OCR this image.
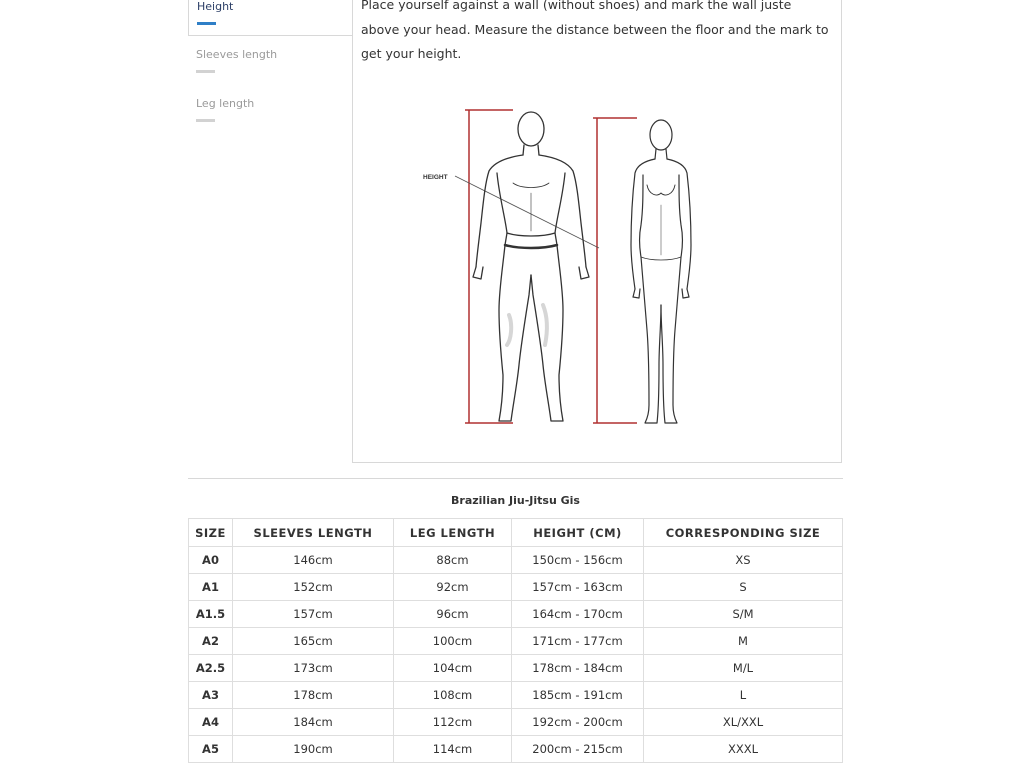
Height
Sleeves length
Leg length

Place yourself against a wall (without shoes) and mark the wall juste above your head. Measure the distance between the floor and the mark to get your height.

HEIGHT
Brazilian Jiu-Jitsu Gis
SIZE	SLEEVES LENGTH	LEG LENGTH	HEIGHT (CM)	CORRESPONDING SIZE
A0	146cm	88cm	150cm - 156cm	XS
A1	152cm	92cm	157cm - 163cm	S
A1.5	157cm	96cm	164cm - 170cm	S/M
A2	165cm	100cm	171cm - 177cm	M
A2.5	173cm	104cm	178cm - 184cm	M/L
A3	178cm	108cm	185cm - 191cm	L
A4	184cm	112cm	192cm - 200cm	XL/XXL
A5	190cm	114cm	200cm - 215cm	XXXL
